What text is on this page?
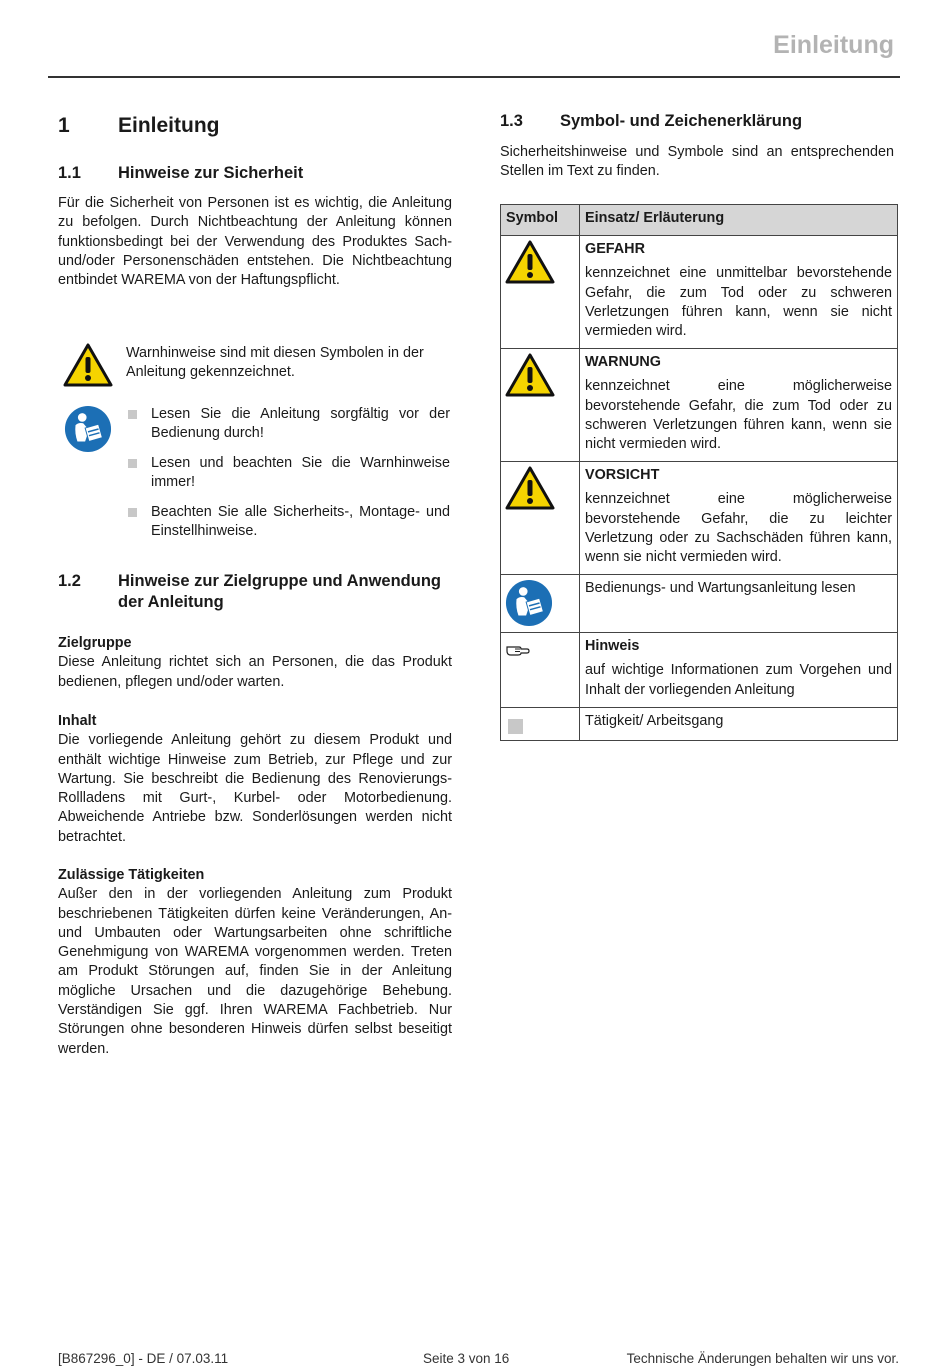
Einleitung
1 Einleitung
1.1 Hinweise zur Sicherheit

Für die Sicherheit von Personen ist es wichtig, die Anleitung zu befolgen. Durch Nichtbeachtung der Anleitung können funktionsbedingt bei der Verwendung des Produktes Sach- und/oder Personenschäden entstehen. Die Nichtbeachtung entbindet WAREMA von der Haftungspflicht.

Warnhinweise sind mit diesen Symbolen in der Anleitung gekennzeichnet.

Lesen Sie die Anleitung sorgfältig vor der Bedienung durch!
Lesen und beachten Sie die Warnhinweise immer!
Beachten Sie alle Sicherheits-, Montage- und Einstellhinweise.
1.2 Hinweise zur Zielgruppe und Anwendung
der Anleitung

Zielgruppe

Diese Anleitung richtet sich an Personen, die das Produkt bedienen, pflegen und/oder warten.

Inhalt

Die vorliegende Anleitung gehört zu diesem Produkt und enthält wichtige Hinweise zum Betrieb, zur Pflege und zur Wartung. Sie beschreibt die Bedienung des Renovierungs-Rollladens mit Gurt-, Kurbel- oder Motorbedienung. Abweichende Antriebe bzw. Sonderlösungen werden nicht betrachtet.

Zulässige Tätigkeiten

Außer den in der vorliegenden Anleitung zum Produkt beschriebenen Tätigkeiten dürfen keine Veränderungen, An- und Umbauten oder Wartungsarbeiten ohne schriftliche Genehmigung von WAREMA vorgenommen werden. Treten am Produkt Störungen auf, finden Sie in der Anleitung mögliche Ursachen und die dazugehörige Behebung. Verständigen Sie ggf. Ihren WAREMA Fachbetrieb. Nur Störungen ohne besonderen Hinweis dürfen selbst beseitigt werden.

1.3 Symbol- und Zeichenerklärung

Sicherheitshinweise und Symbole sind an entsprechenden Stellen im Text zu finden.

Symbol	Einsatz/ Erläuterung

GEFAHR
kennzeichnet eine unmittelbar bevorstehende Gefahr, die zum Tod oder zu schweren Verletzungen führen kann, wenn sie nicht vermieden wird.

WARNUNG
kennzeichnet eine möglicherweise bevorstehende Gefahr, die zum Tod oder zu schweren Verletzungen führen kann, wenn sie nicht vermieden wird.

VORSICHT
kennzeichnet eine möglicherweise bevorstehende Gefahr, die zu leichter Verletzung oder zu Sachschäden führen kann, wenn sie nicht vermieden wird.

	Bedienungs- und Wartungsanleitung lesen

Hinweis
auf wichtige Informationen zum Vorgehen und Inhalt der vorliegenden Anleitung

	Tätigkeit/ Arbeitsgang
[B867296_0] - DE / 07.03.11	Seite 3 von 16	Technische Änderungen behalten wir uns vor.
